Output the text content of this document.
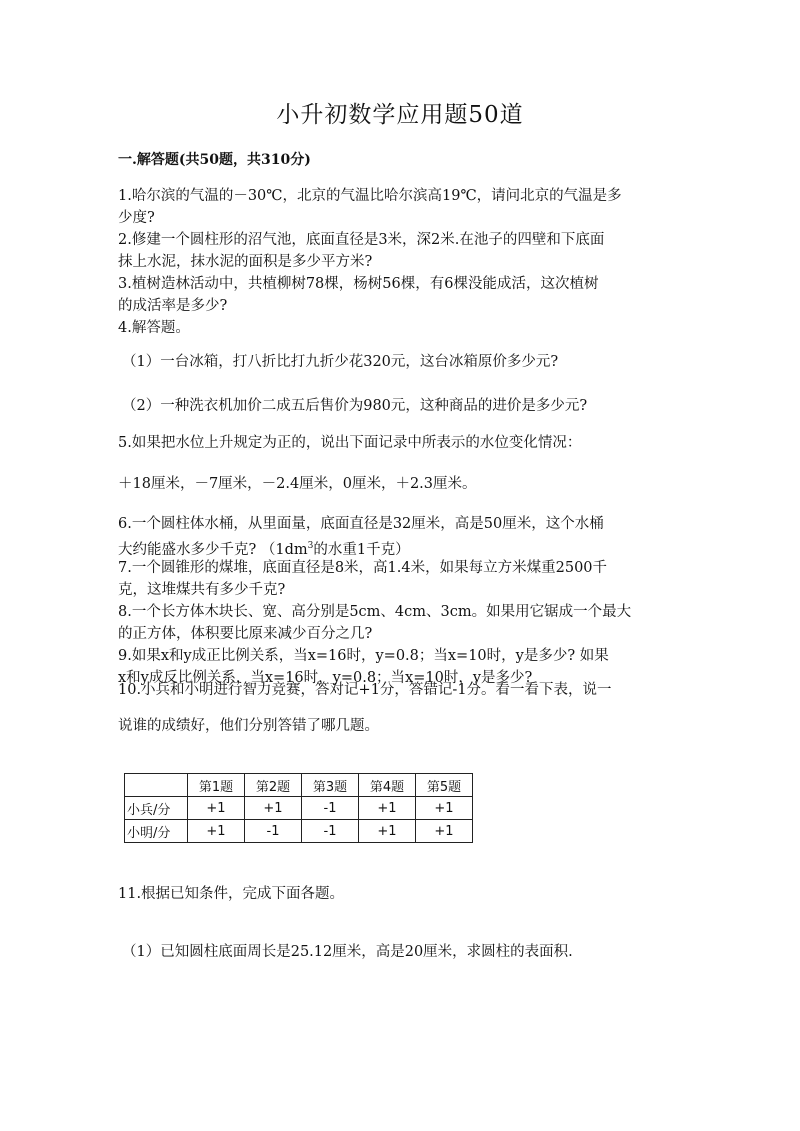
小升初数学应用题50道
一.解答题(共50题，共310分)
1.哈尔滨的气温的－30℃，北京的气温比哈尔滨高19℃，请问北京的气温是多
少度?
2.修建一个圆柱形的沼气池，底面直径是3米，深2米.在池子的四壁和下底面
抹上水泥，抹水泥的面积是多少平方米?
3.植树造林活动中，共植柳树78棵，杨树56棵，有6棵没能成活，这次植树
的成活率是多少?
4.解答题。
（1）一台冰箱，打八折比打九折少花320元，这台冰箱原价多少元?
（2）一种洗衣机加价二成五后售价为980元，这种商品的进价是多少元?
5.如果把水位上升规定为正的，说出下面记录中所表示的水位变化情况：
＋18厘米，－7厘米，－2.4厘米，0厘米，＋2.3厘米。
6.一个圆柱体水桶，从里面量，底面直径是32厘米，高是50厘米，这个水桶
大约能盛水多少千克? （$1dm^3$的水重1千克）
7.一个圆锥形的煤堆，底面直径是8米，高1.4米，如果每立方米煤重2500千
克，这堆煤共有多少千克?
8.一个长方体木块长、宽、高分别是5cm、4cm、3cm。如果用它锯成一个最大
的正方体，体积要比原来减少百分之几?
9.如果x和y成正比例关系，当x=16时，y=0.8；当x=10时，y是多少? 如果
x和y成反比例关系，当x=16时，y=0.8；当x=10时，y是多少?
10.小兵和小明进行智力竞赛，答对记+1分，答错记-1分。看一看下表，说一
说谁的成绩好，他们分别答错了哪几题。
	第1题	第2题	第3题	第4题	第5题
小兵/分	+1	+1	-1	+1	+1
小明/分	+1	-1	-1	+1	+1
11.根据已知条件，完成下面各题。
（1）已知圆柱底面周长是25.12厘米，高是20厘米，求圆柱的表面积.
